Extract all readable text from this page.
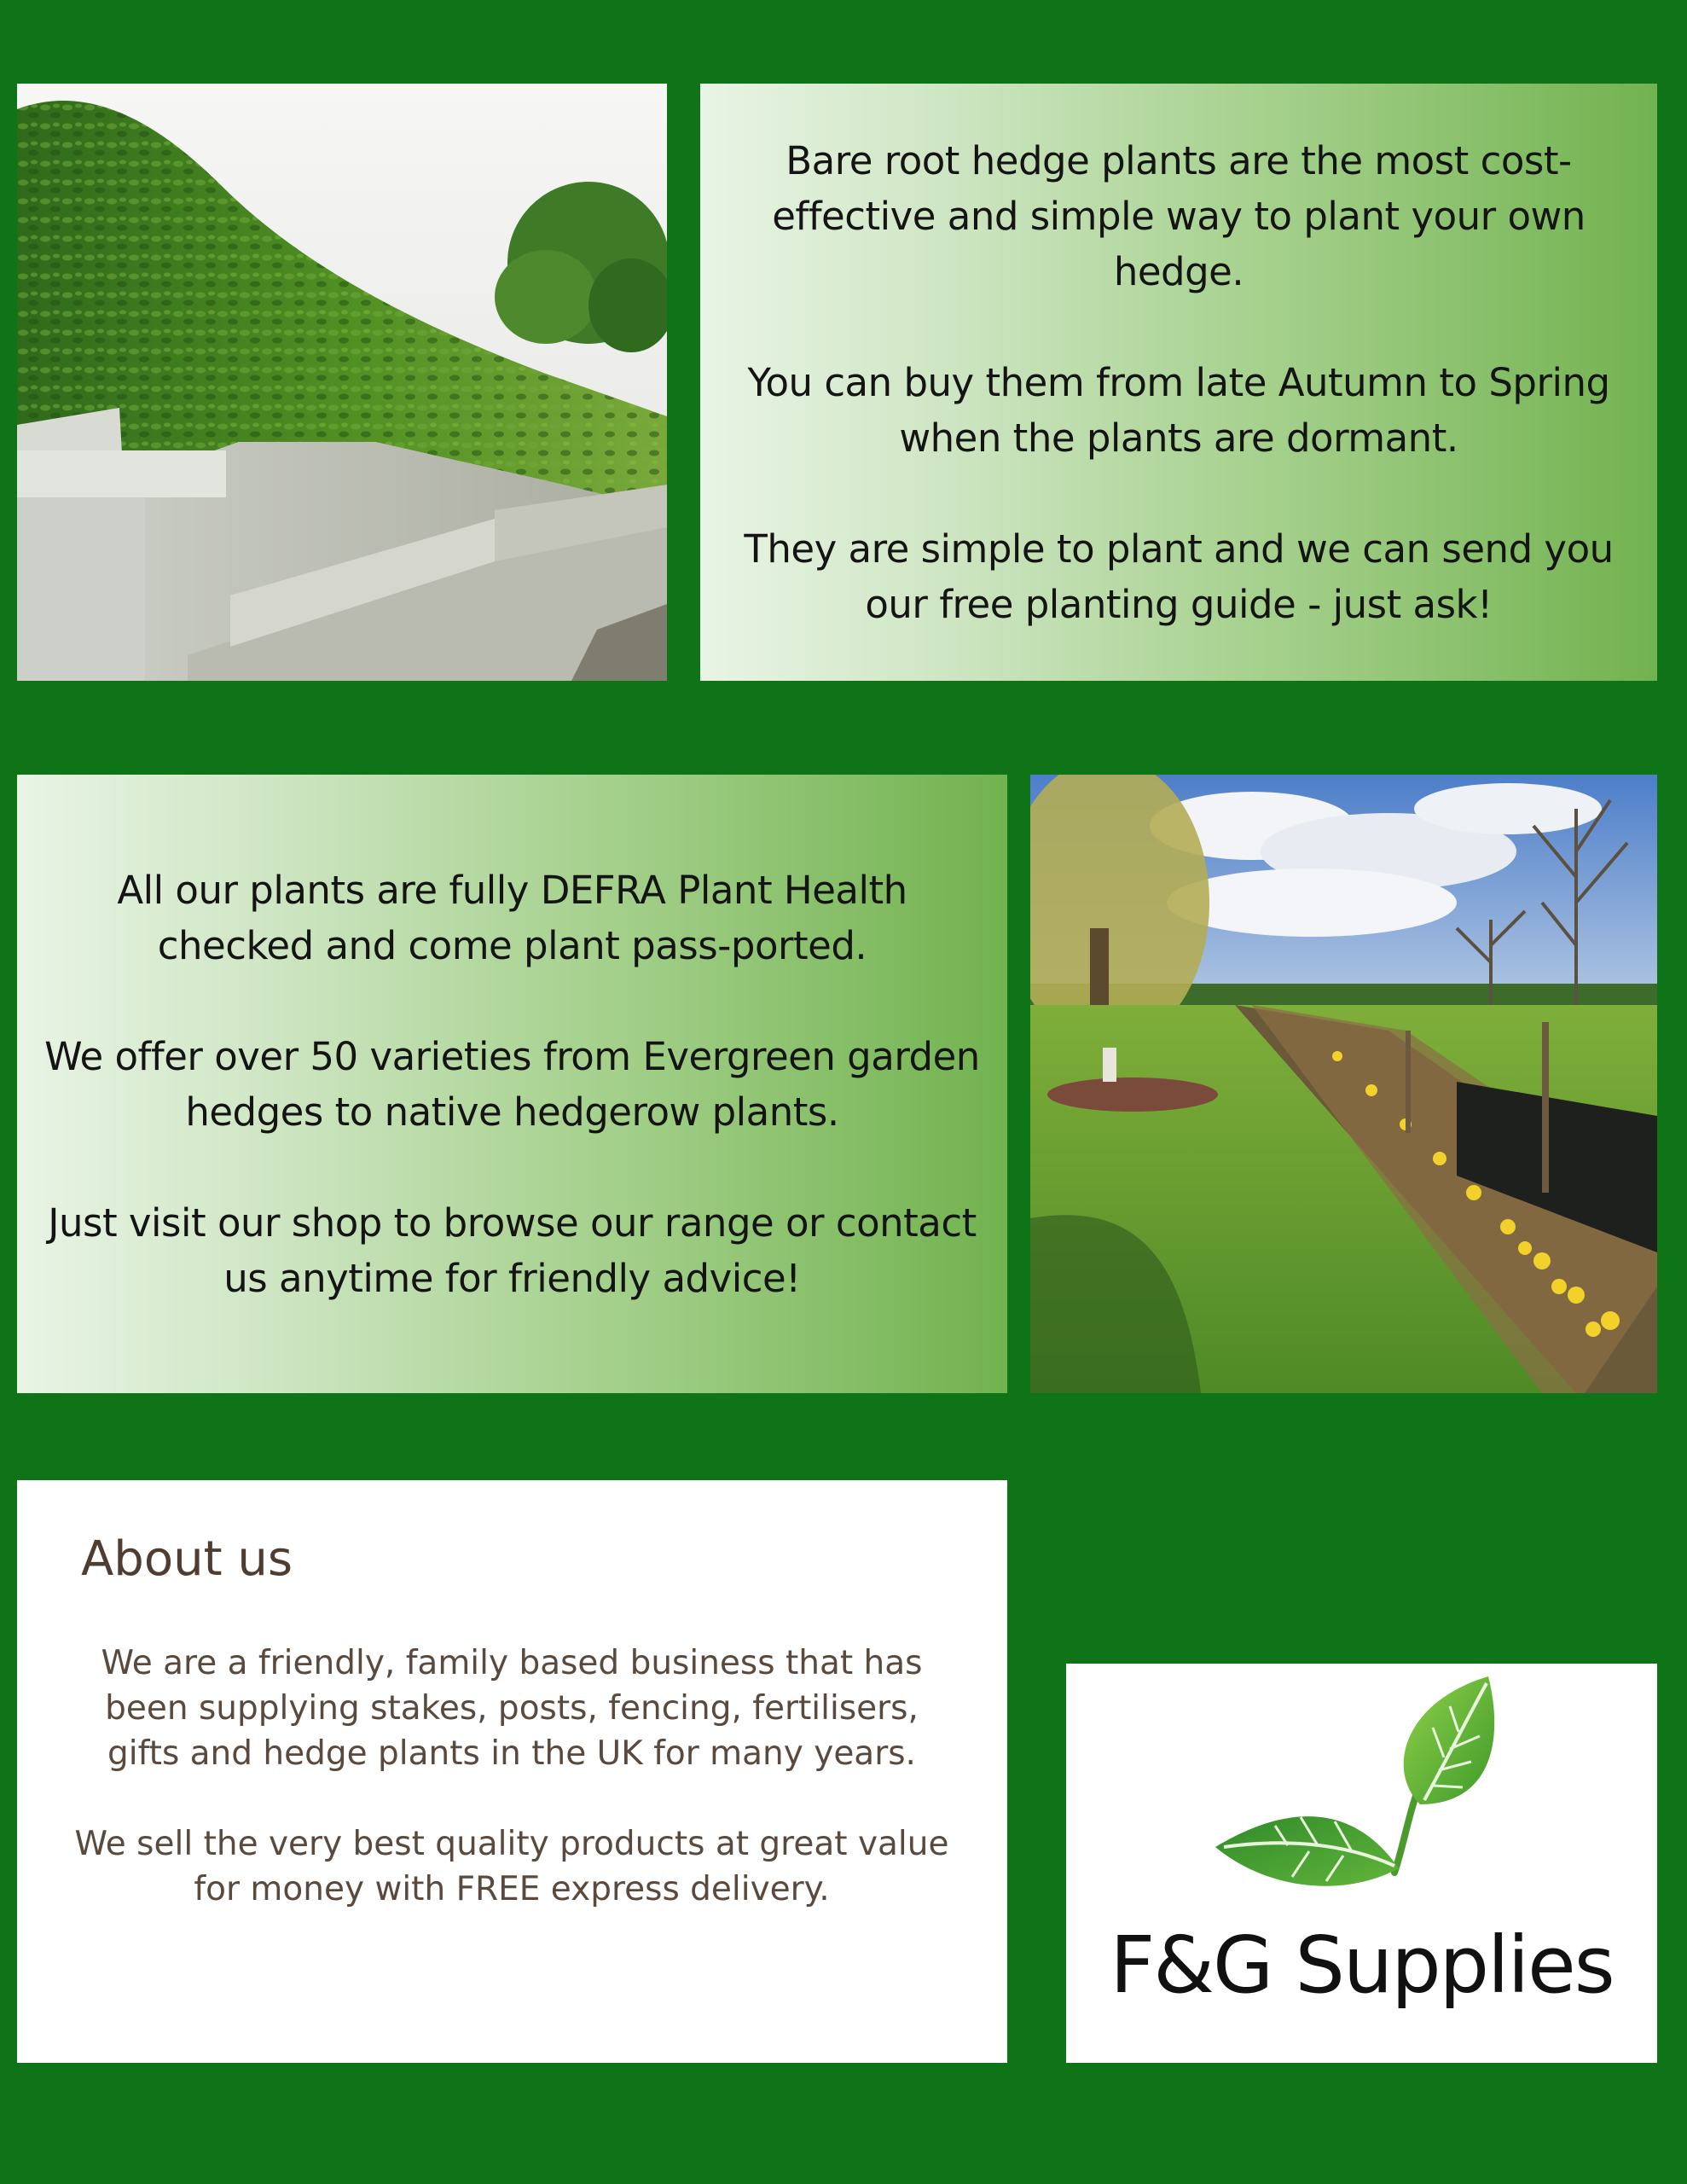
Bare root hedge plants are the most cost-effective and simple way to plant your own hedge.

You can buy them from late Autumn to Spring when the plants are dormant.

They are simple to plant and we can send you our free planting guide - just ask!

All our plants are fully DEFRA Plant Health checked and come plant pass-ported.

We offer over 50 varieties from Evergreen garden hedges to native hedgerow plants.

Just visit our shop to browse our range or contact us anytime for friendly advice!

About us

We are a friendly, family based business that has been supplying stakes, posts, fencing, fertilisers, gifts and hedge plants in the UK for many years.

We sell the very best quality products at great value for money with FREE express delivery.

F&G Supplies
